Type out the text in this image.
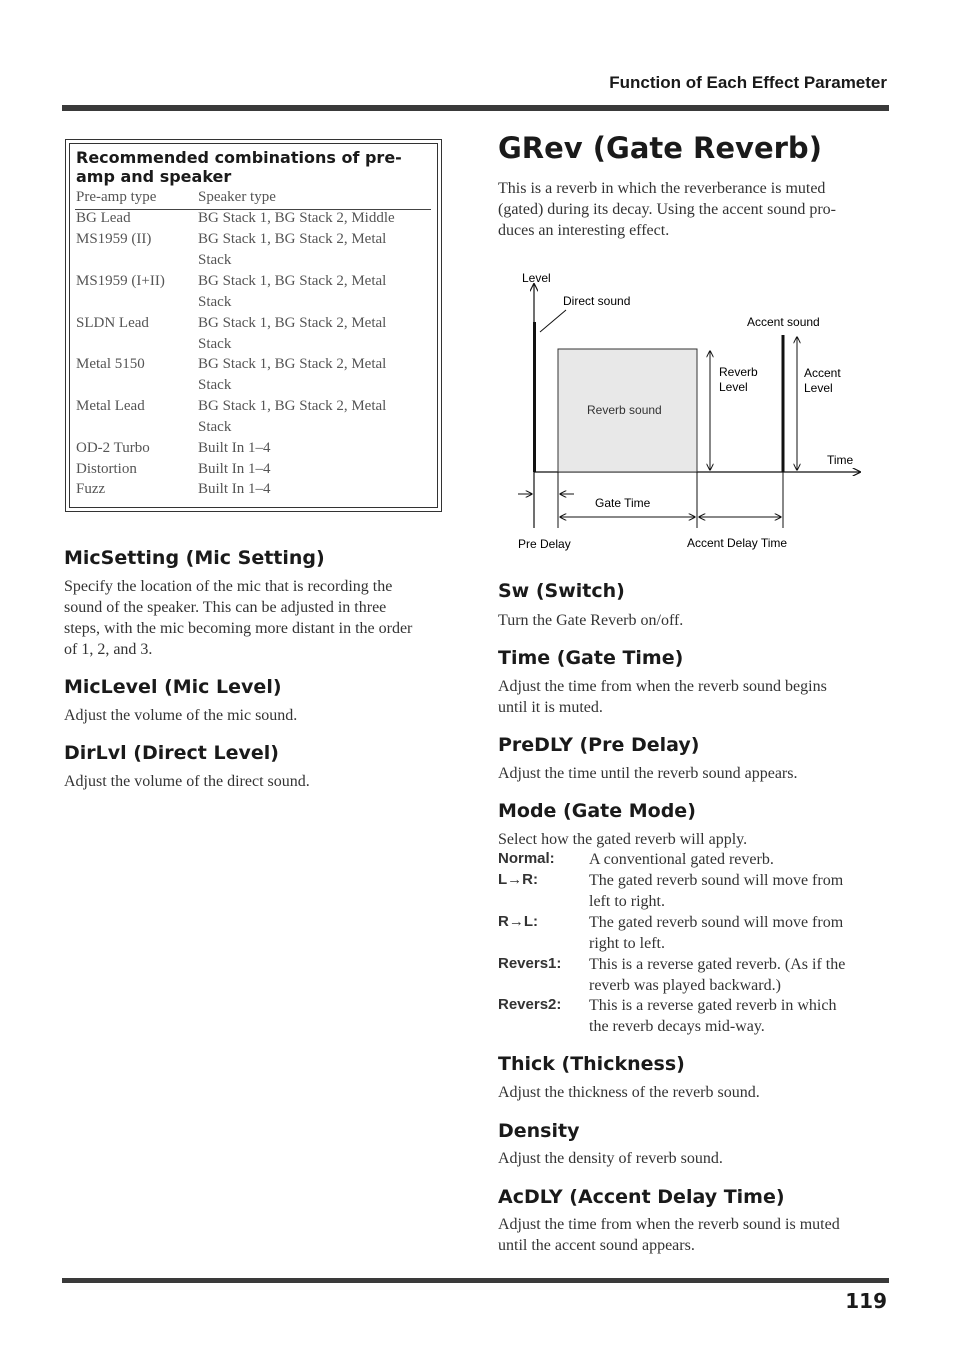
Function of Each Effect Parameter
Recommended combinations of pre-amp and speaker
Pre-amp type	Speaker type
BG Lead	BG Stack 1, BG Stack 2, Middle
MS1959 (II)	BG Stack 1, BG Stack 2, Metal
Stack
MS1959 (I+II) BG Stack 1, BG Stack 2, Metal
Stack
SLDN Lead	BG Stack 1, BG Stack 2, Metal
Stack
Metal 5150	BG Stack 1, BG Stack 2, Metal
Stack
Metal Lead	BG Stack 1, BG Stack 2, Metal
Stack
OD-2 Turbo	Built In 1–4
Distortion	Built In 1–4
Fuzz	Built In 1–4
MicSetting (Mic Setting)
Specify the location of the mic that is recording the
sound of the speaker. This can be adjusted in three
steps, with the mic becoming more distant in the order
of 1, 2, and 3.
MicLevel (Mic Level)
Adjust the volume of the mic sound.
DirLvl (Direct Level)
Adjust the volume of the direct sound.
GRev (Gate Reverb)
This is a reverb in which the reverberance is muted
(gated) during its decay. Using the accent sound pro-
duces an interesting effect.
Level
Direct sound
Accent sound
Reverb
Level
Accent
Level
Reverb sound
Time
Gate Time
Pre Delay	Accent Delay Time
Sw (Switch)
Turn the Gate Reverb on/off.
Time (Gate Time)
Adjust the time from when the reverb sound begins
until it is muted.
PreDLY (Pre Delay)
Adjust the time until the reverb sound appears.
Mode (Gate Mode)
Select how the gated reverb will apply.
Normal: A conventional gated reverb.
L→R:	The gated reverb sound will move from
left to right.
R→L:	The gated reverb sound will move from
right to left.
Revers1: This is a reverse gated reverb. (As if the
reverb was played backward.)
Revers2: This is a reverse gated reverb in which
the reverb decays mid-way.
Thick (Thickness)
Adjust the thickness of the reverb sound.
Density
Adjust the density of reverb sound.
AcDLY (Accent Delay Time)
Adjust the time from when the reverb sound is muted
until the accent sound appears.
119
